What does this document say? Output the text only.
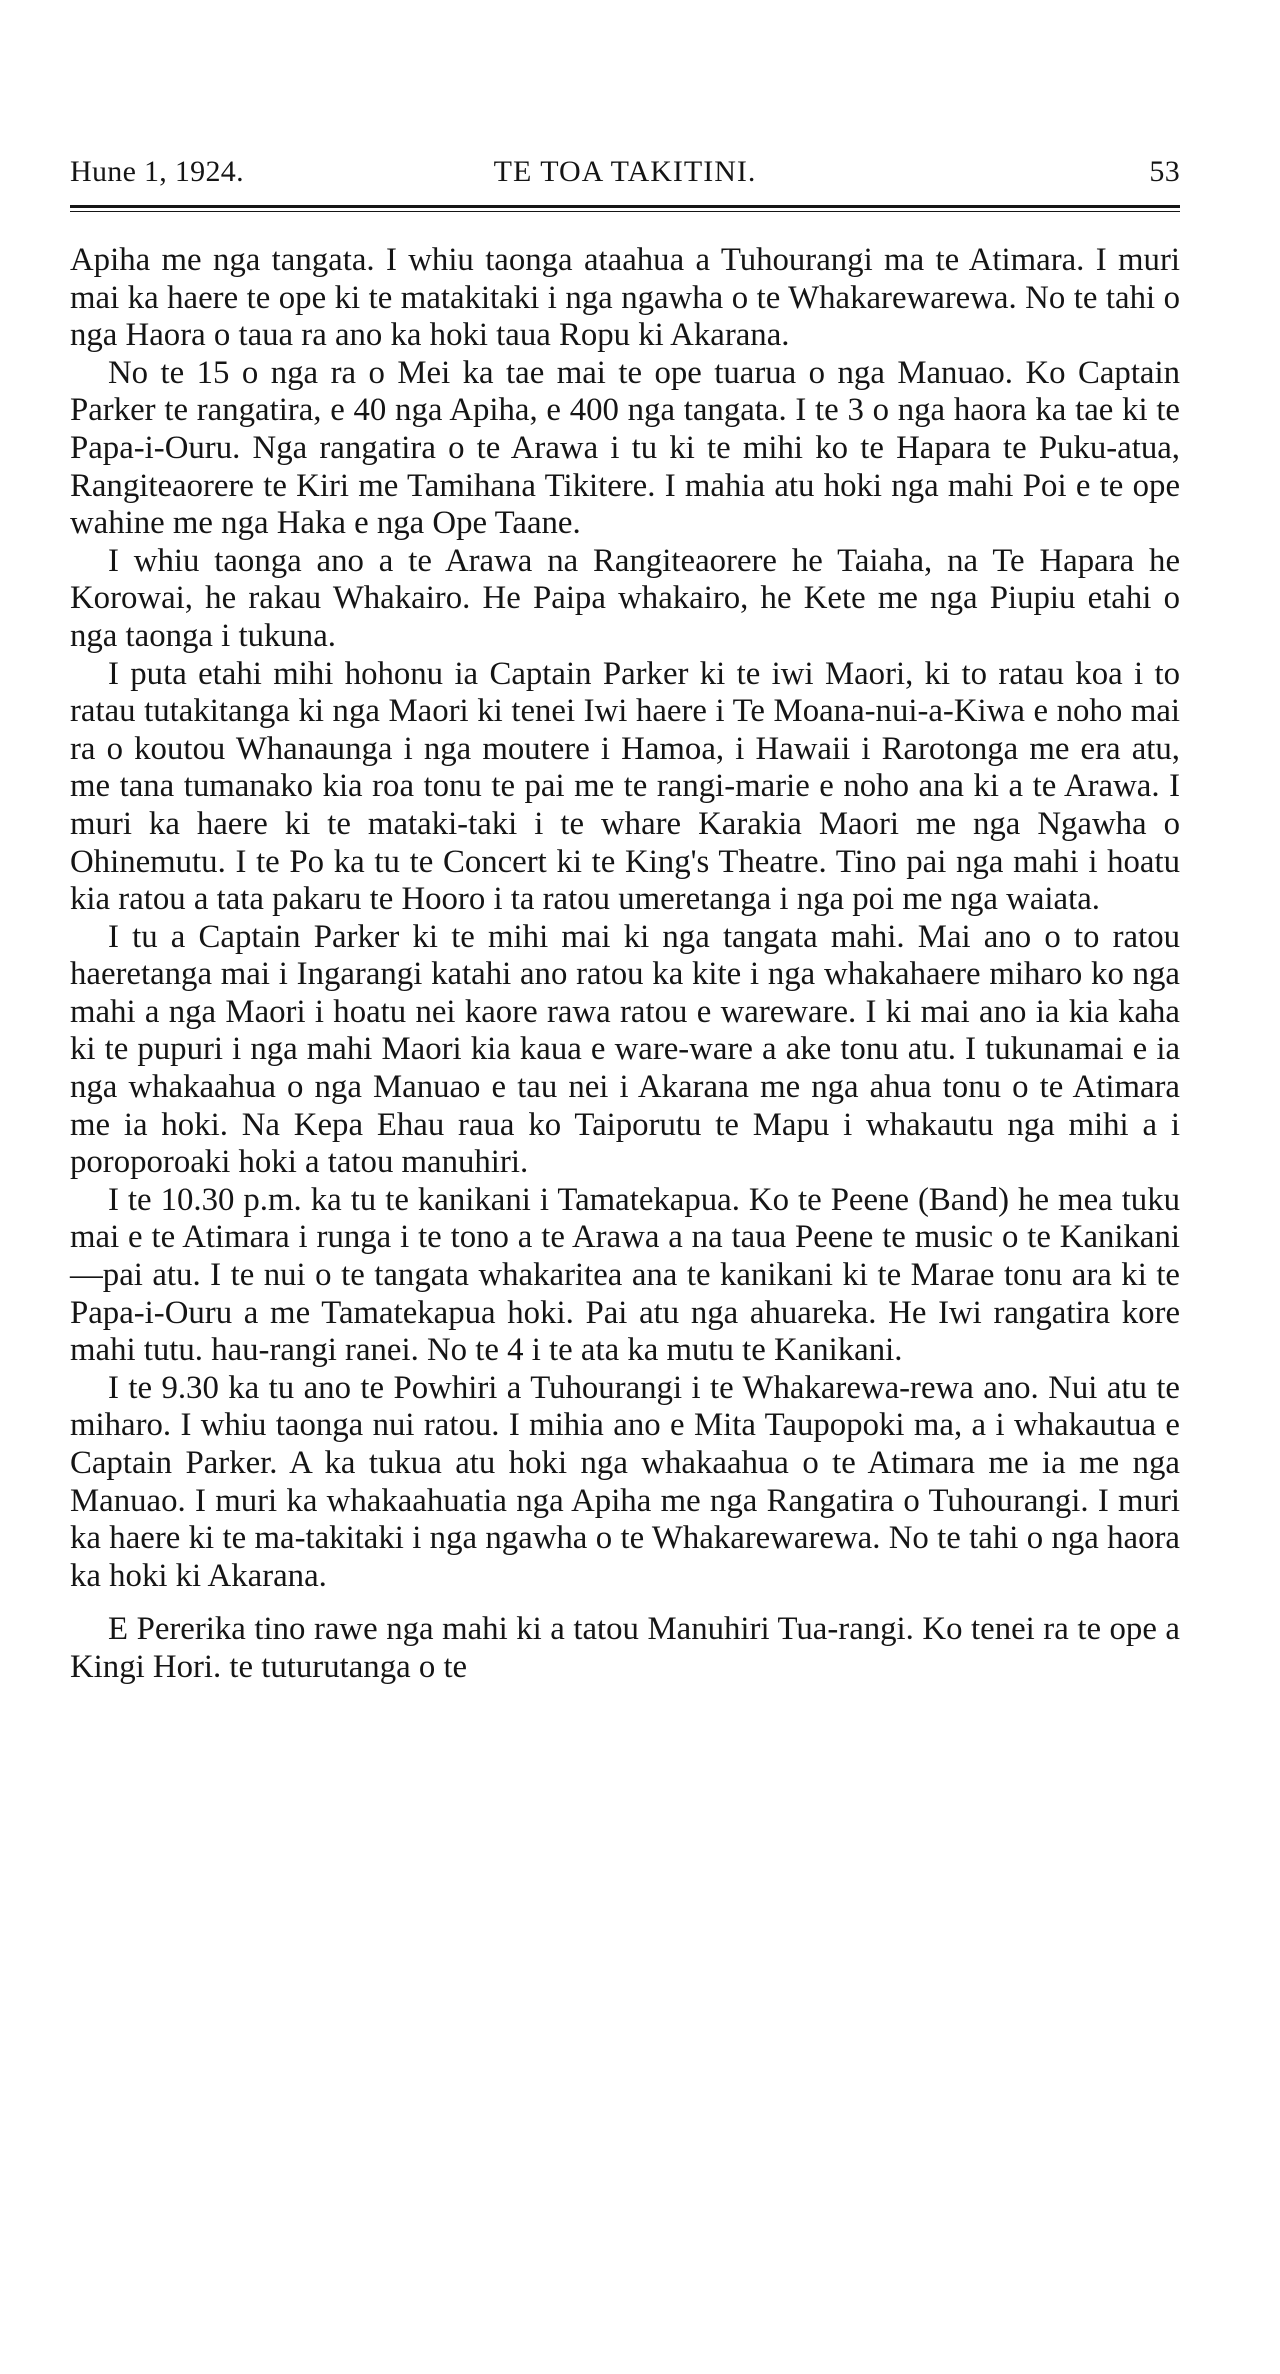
Hune 1, 1924.	TE TOA TAKITINI.	53

Apiha me nga tangata. I whiu taonga ataahua a Tuhourangi ma te Atimara. I muri mai ka haere te ope ki te matakitaki i nga ngawha o te Whakarewarewa. No te tahi o nga Haora o taua ra ano ka hoki taua Ropu ki Akarana.

No te 15 o nga ra o Mei ka tae mai te ope tuarua o nga Manuao. Ko Captain Parker te rangatira, e 40 nga Apiha, e 400 nga tangata. I te 3 o nga haora ka tae ki te Papa-i-Ouru. Nga rangatira o te Arawa i tu ki te mihi ko te Hapara te Puku-atua, Rangiteaorere te Kiri me Tamihana Tikitere. I mahia atu hoki nga mahi Poi e te ope wahine me nga Haka e nga Ope Taane.

I whiu taonga ano a te Arawa na Rangiteaorere he Taiaha, na Te Hapara he Korowai, he rakau Whakairo. He Paipa whakairo, he Kete me nga Piupiu etahi o nga taonga i tukuna.

I puta etahi mihi hohonu ia Captain Parker ki te iwi Maori, ki to ratau koa i to ratau tutakitanga ki nga Maori ki tenei Iwi haere i Te Moana-nui-a-Kiwa e noho mai ra o koutou Whanaunga i nga moutere i Hamoa, i Hawaii i Rarotonga me era atu, me tana tumanako kia roa tonu te pai me te rangi-marie e noho ana ki a te Arawa. I muri ka haere ki te mataki-taki i te whare Karakia Maori me nga Ngawha o Ohinemutu. I te Po ka tu te Concert ki te King's Theatre. Tino pai nga mahi i hoatu kia ratou a tata pakaru te Hooro i ta ratou umeretanga i nga poi me nga waiata.

I tu a Captain Parker ki te mihi mai ki nga tangata mahi. Mai ano o to ratou haeretanga mai i Ingarangi katahi ano ratou ka kite i nga whakahaere miharo ko nga mahi a nga Maori i hoatu nei kaore rawa ratou e wareware. I ki mai ano ia kia kaha ki te pupuri i nga mahi Maori kia kaua e ware-ware a ake tonu atu. I tukunamai e ia nga whakaahua o nga Manuao e tau nei i Akarana me nga ahua tonu o te Atimara me ia hoki. Na Kepa Ehau raua ko Taiporutu te Mapu i whakautu nga mihi a i poroporoaki hoki a tatou manuhiri.

I te 10.30 p.m. ka tu te kanikani i Tamatekapua. Ko te Peene (Band) he mea tuku mai e te Atimara i runga i te tono a te Arawa a na taua Peene te music o te Kanikani—pai atu. I te nui o te tangata whakaritea ana te kanikani ki te Marae tonu ara ki te Papa-i-Ouru a me Tamatekapua hoki. Pai atu nga ahuareka. He Iwi rangatira kore mahi tutu. hau-rangi ranei. No te 4 i te ata ka mutu te Kanikani.

I te 9.30 ka tu ano te Powhiri a Tuhourangi i te Whakarewa-rewa ano. Nui atu te miharo. I whiu taonga nui ratou. I mihia ano e Mita Taupopoki ma, a i whakautua e Captain Parker. A ka tukua atu hoki nga whakaahua o te Atimara me ia me nga Manuao. I muri ka whakaahuatia nga Apiha me nga Rangatira o Tuhourangi. I muri ka haere ki te ma-takitaki i nga ngawha o te Whakarewarewa. No te tahi o nga haora ka hoki ki Akarana.

E Pererika tino rawe nga mahi ki a tatou Manuhiri Tua-rangi. Ko tenei ra te ope a Kingi Hori. te tuturutanga o te
